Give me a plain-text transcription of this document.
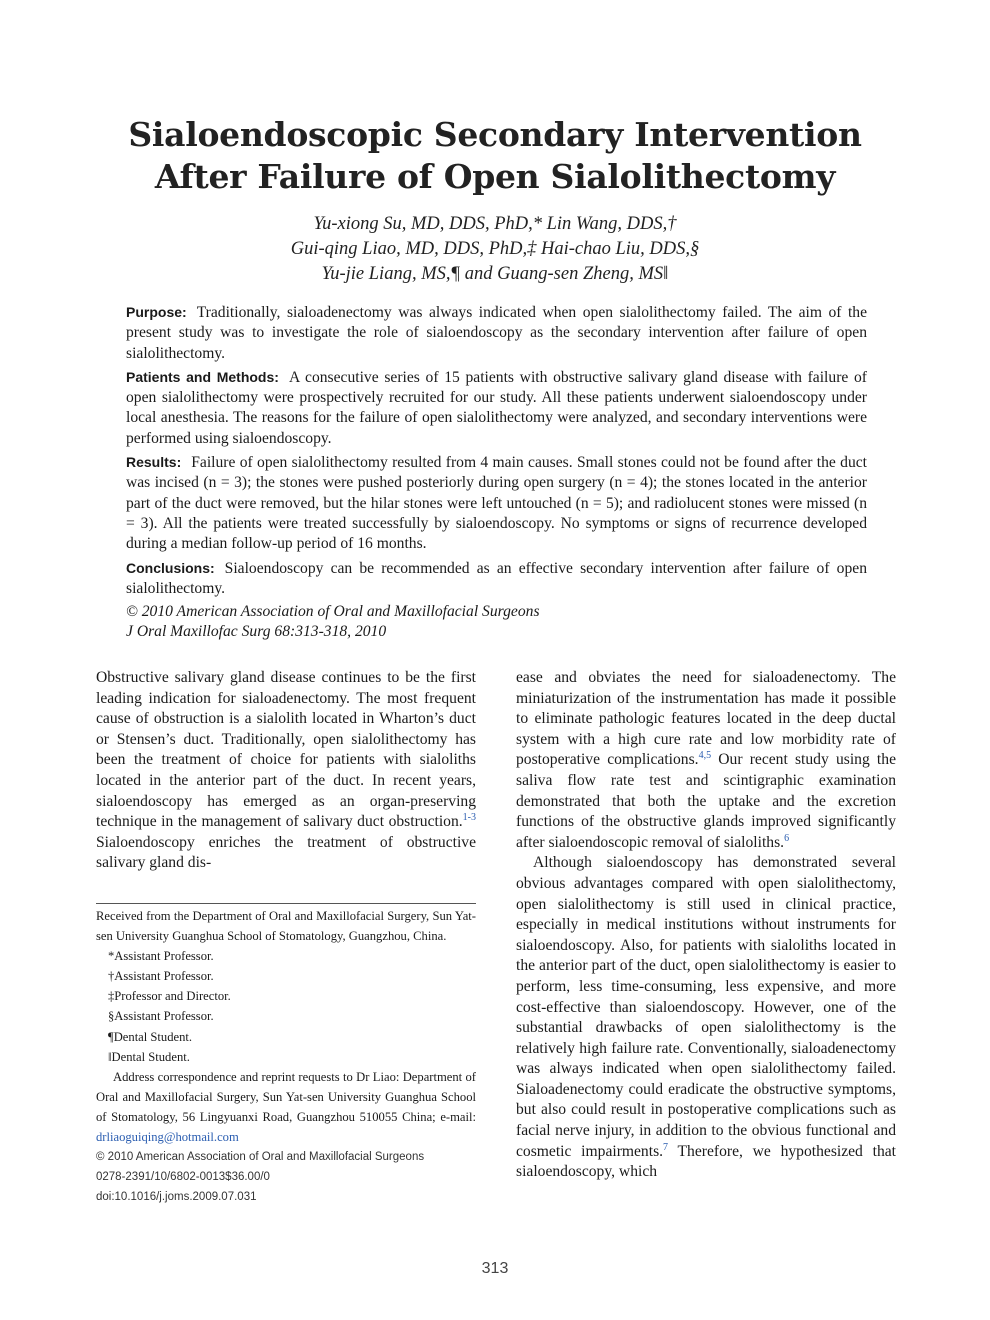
Sialoendoscopic Secondary Intervention
After Failure of Open Sialolithectomy
Yu-xiong Su, MD, DDS, PhD,* Lin Wang, DDS,†
Gui-qing Liao, MD, DDS, PhD,‡ Hai-chao Liu, DDS,§
Yu-jie Liang, MS,¶ and Guang-sen Zheng, MS‖

Purpose: Traditionally, sialoadenectomy was always indicated when open sialolithectomy failed. The aim of the present study was to investigate the role of sialoendoscopy as the secondary intervention after failure of open sialolithectomy.

Patients and Methods: A consecutive series of 15 patients with obstructive salivary gland disease with failure of open sialolithectomy were prospectively recruited for our study. All these patients underwent sialoendoscopy under local anesthesia. The reasons for the failure of open sialolithectomy were analyzed, and secondary interventions were performed using sialoendoscopy.

Results: Failure of open sialolithectomy resulted from 4 main causes. Small stones could not be found after the duct was incised (n = 3); the stones were pushed posteriorly during open surgery (n = 4); the stones located in the anterior part of the duct were removed, but the hilar stones were left untouched (n = 5); and radiolucent stones were missed (n = 3). All the patients were treated successfully by sialoendoscopy. No symptoms or signs of recurrence developed during a median follow-up period of 16 months.

Conclusions: Sialoendoscopy can be recommended as an effective secondary intervention after failure of open sialolithectomy.

© 2010 American Association of Oral and Maxillofacial Surgeons

J Oral Maxillofac Surg 68:313-318, 2010

Obstructive salivary gland disease continues to be the first leading indication for sialoadenectomy. The most frequent cause of obstruction is a sialolith located in Wharton’s duct or Stensen’s duct. Traditionally, open sialolithectomy has been the treatment of choice for patients with sialoliths located in the anterior part of the duct. In recent years, sialoendoscopy has emerged as an organ-preserving technique in the management of salivary duct obstruction.$^{1-3}$ Sialoendoscopy enriches the treatment of obstructive salivary gland dis-

Received from the Department of Oral and Maxillofacial Surgery, Sun Yat-sen University Guanghua School of Stomatology, Guangzhou, China.

*Assistant Professor.

†Assistant Professor.

‡Professor and Director.

§Assistant Professor.

¶Dental Student.

‖Dental Student.

Address correspondence and reprint requests to Dr Liao: Department of Oral and Maxillofacial Surgery, Sun Yat-sen University Guanghua School of Stomatology, 56 Lingyuanxi Road, Guangzhou 510055 China; e-mail: drliaoguiqing@hotmail.com

© 2010 American Association of Oral and Maxillofacial Surgeons

0278-2391/10/6802-0013$36.00/0

doi:10.1016/j.joms.2009.07.031

ease and obviates the need for sialoadenectomy. The miniaturization of the instrumentation has made it possible to eliminate pathologic features located in the deep ductal system with a high cure rate and low morbidity rate of postoperative complications.$^{4,5}$ Our recent study using the saliva flow rate test and scintigraphic examination demonstrated that both the uptake and the excretion functions of the obstructive glands improved significantly after sialoendoscopic removal of sialoliths.$^6$

Although sialoendoscopy has demonstrated several obvious advantages compared with open sialolithectomy, open sialolithectomy is still used in clinical practice, especially in medical institutions without instruments for sialoendoscopy. Also, for patients with sialoliths located in the anterior part of the duct, open sialolithectomy is easier to perform, less time-consuming, less expensive, and more cost-effective than sialoendoscopy. However, one of the substantial drawbacks of open sialolithectomy is the relatively high failure rate. Conventionally, sialoadenectomy was always indicated when open sialolithectomy failed. Sialoadenectomy could eradicate the obstructive symptoms, but also could result in postoperative complications such as facial nerve injury, in addition to the obvious functional and cosmetic impairments.$^7$ Therefore, we hypothesized that sialoendoscopy, which

313
